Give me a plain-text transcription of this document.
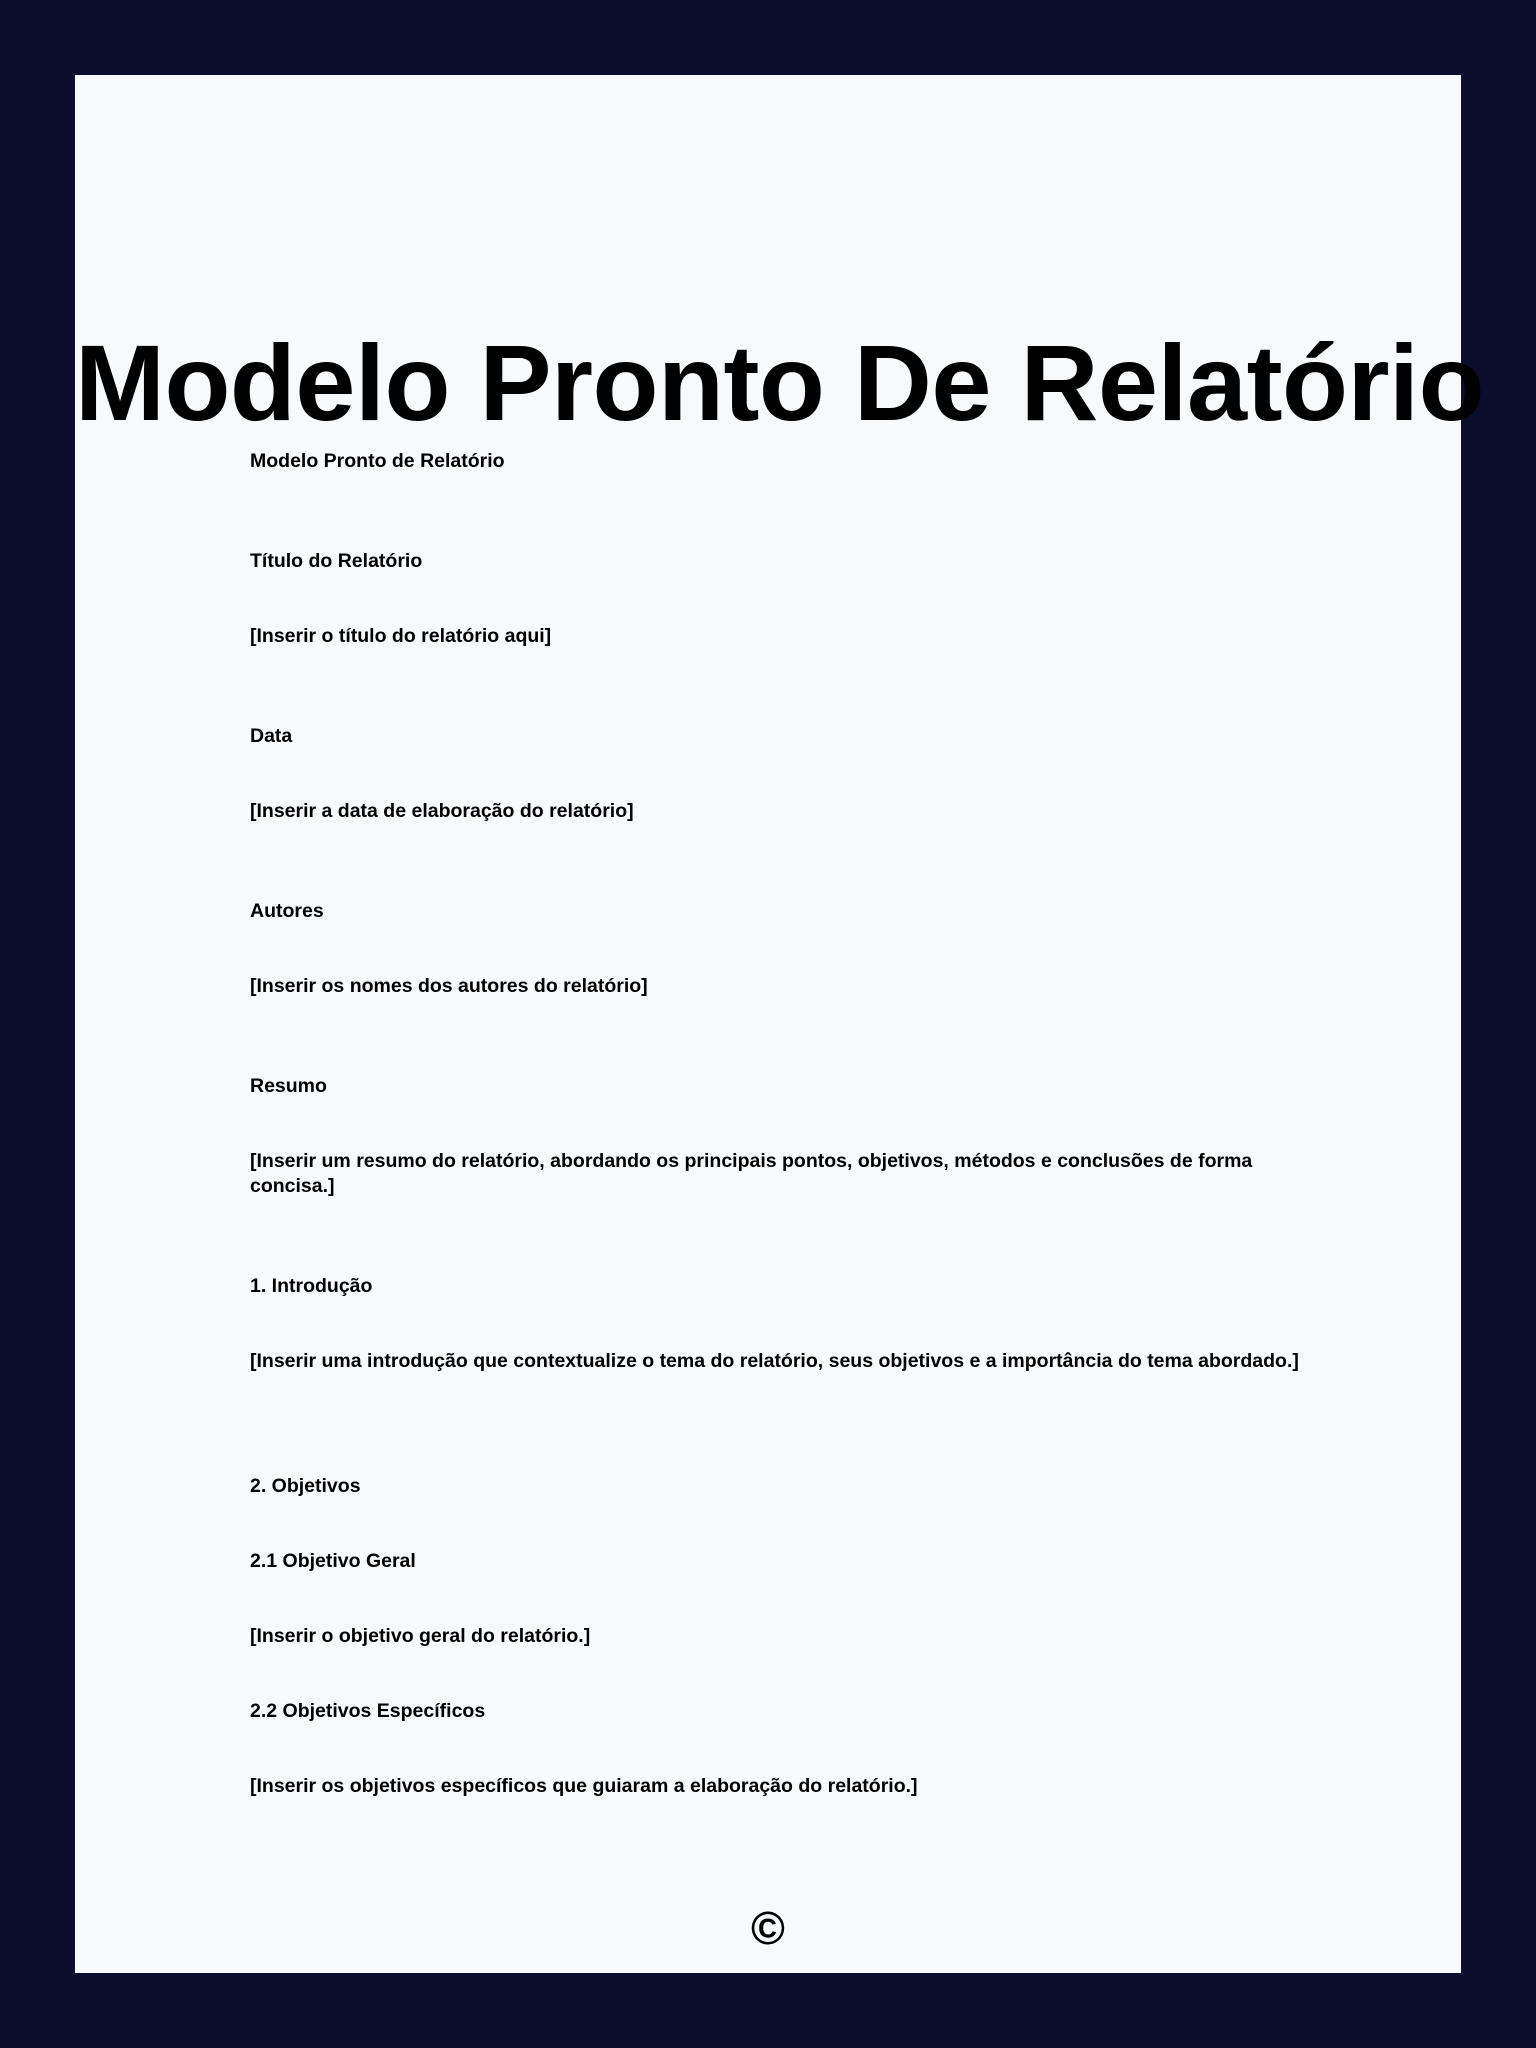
Modelo Pronto De Relatório

Modelo Pronto de Relatório

Título do Relatório

[Inserir o título do relatório aqui]

Data

[Inserir a data de elaboração do relatório]

Autores

[Inserir os nomes dos autores do relatório]

Resumo

[Inserir um resumo do relatório, abordando os principais pontos, objetivos, métodos e conclusões de forma concisa.]

1. Introdução

[Inserir uma introdução que contextualize o tema do relatório, seus objetivos e a importância do tema abordado.]

2. Objetivos

2.1 Objetivo Geral

[Inserir o objetivo geral do relatório.]

2.2 Objetivos Específicos

[Inserir os objetivos específicos que guiaram a elaboração do relatório.]

©
